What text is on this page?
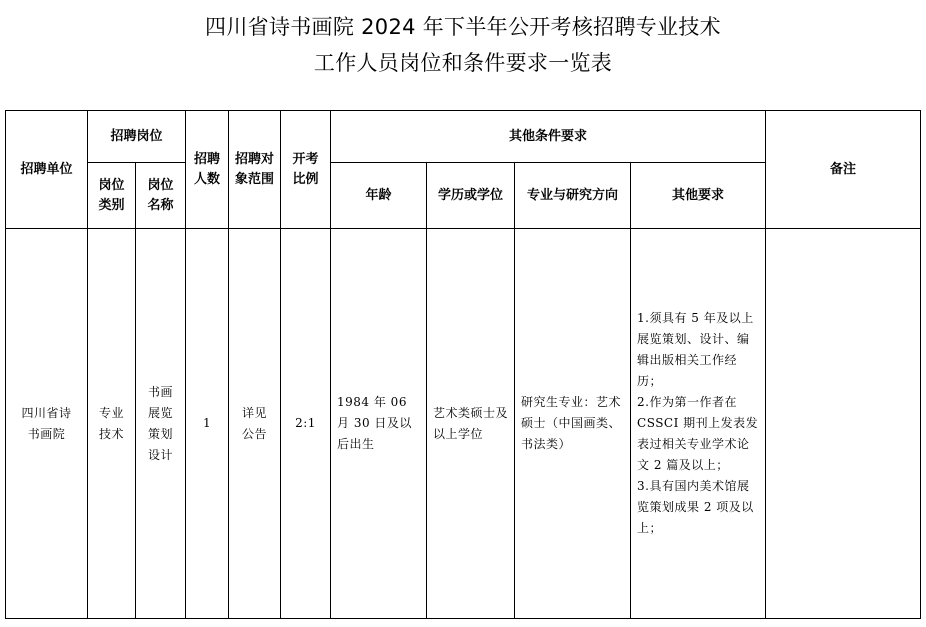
四川省诗书画院 2024 年下半年公开考核招聘专业技术
工作人员岗位和条件要求一览表
招聘单位	招聘岗位		招聘人数	招聘对象范围	开考比例	其他条件要求				备注
	岗位类别	岗位名称				年龄	学历或学位	专业与研究方向	其他要求	
四川省诗书画院	专业技术	书画展览策划设计	1	详见公告	2:1	1984 年 06 月 30 日及以后出生	艺术类硕士及以上学位	研究生专业：艺术硕士（中国画类、书法类）	1.须具有 5 年及以上展览策划、设计、编辑出版相关工作经历；
2.作为第一作者在 CSSCI 期刊上发表发表过相关专业学术论文 2 篇及以上；
3.具有国内美术馆展览策划成果 2 项及以上；	
